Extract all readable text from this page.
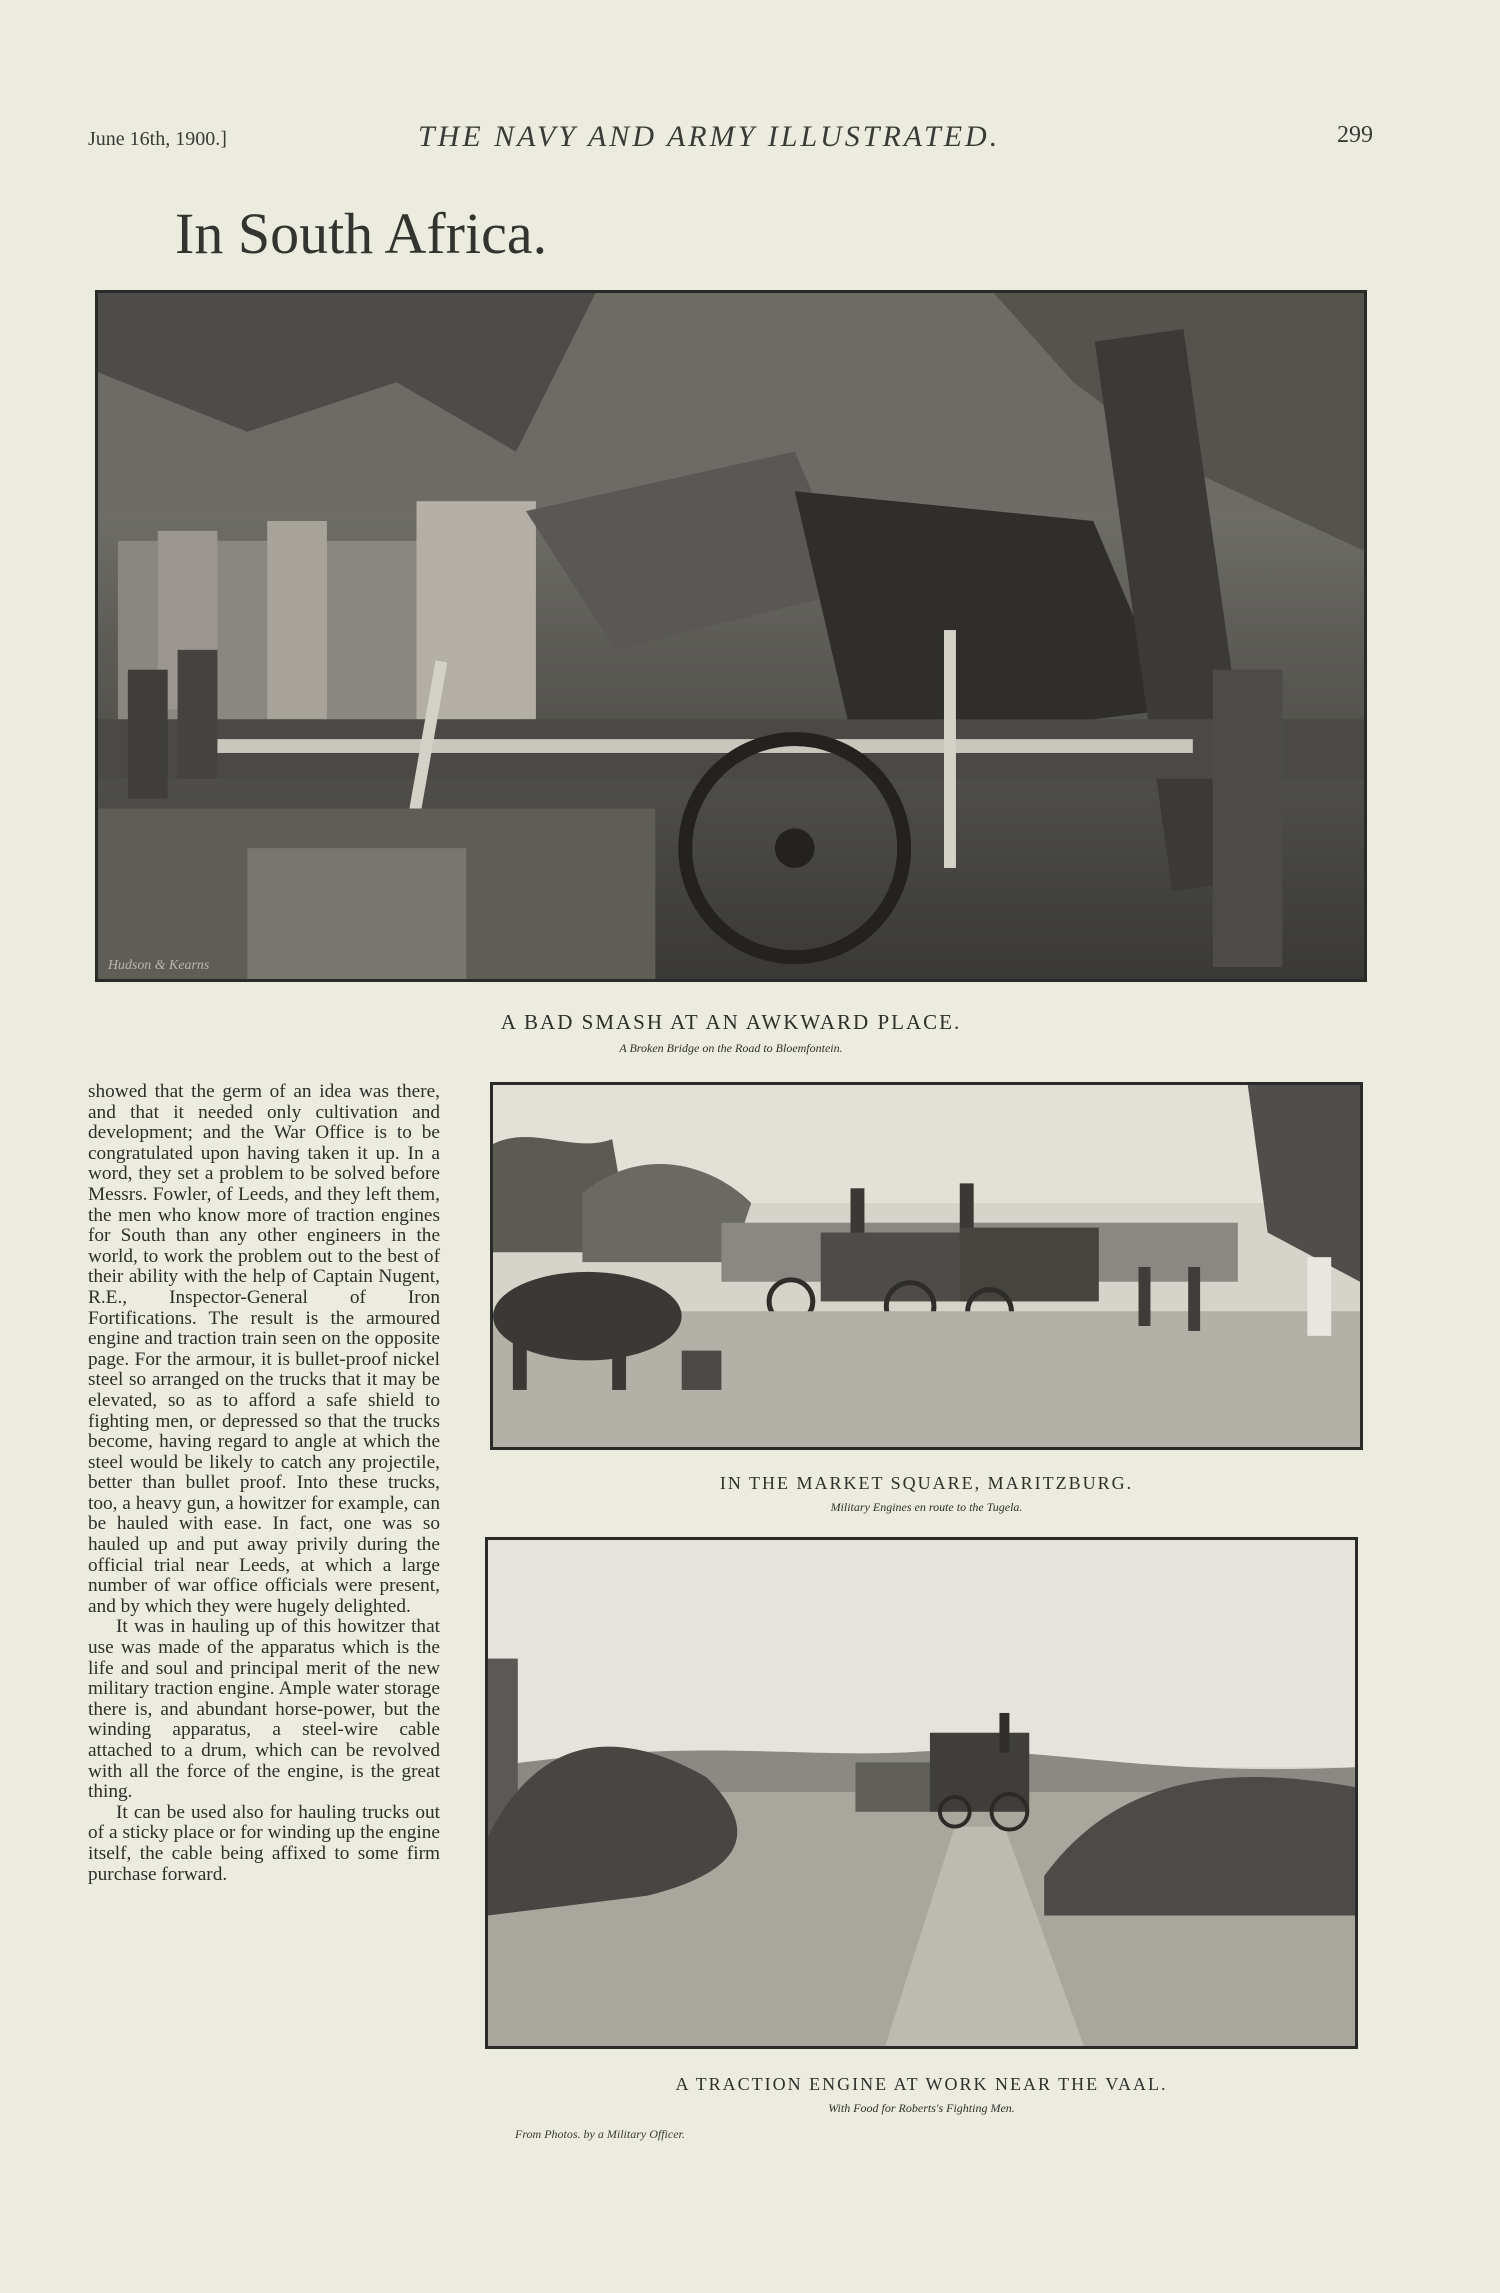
June 16th, 1900.]	THE NAVY AND ARMY ILLUSTRATED.	299
In South Africa.
Hudson & Kearns
A BAD SMASH AT AN AWKWARD PLACE.
A Broken Bridge on the Road to Bloemfontein.
IN THE MARKET SQUARE, MARITZBURG.
Military Engines en route to the Tugela.
A TRACTION ENGINE AT WORK NEAR THE VAAL.
With Food for Roberts's Fighting Men.

showed that the germ of an idea was there, and that it needed only cultivation and development; and the War Office is to be congratulated upon having taken it up. In a word, they set a problem to be solved before Messrs. Fowler, of Leeds, and they left them, the men who know more of traction engines for South than any other engineers in the world, to work the problem out to the best of their ability with the help of Captain Nugent, R.E., Inspector-General of Iron Fortifications. The result is the armoured engine and traction train seen on the opposite page. For the armour, it is bullet-proof nickel steel so arranged on the trucks that it may be elevated, so as to afford a safe shield to fighting men, or depressed so that the trucks become, having regard to angle at which the steel would be likely to catch any projectile, better than bullet proof. Into these trucks, too, a heavy gun, a howitzer for example, can be hauled with ease. In fact, one was so hauled up and put away privily during the official trial near Leeds, at which a large number of war office officials were present, and by which they were hugely delighted.

It was in hauling up of this howitzer that use was made of the apparatus which is the life and soul and principal merit of the new military traction engine. Ample water storage there is, and abundant horse-power, but the winding apparatus, a steel-wire cable attached to a drum, which can be revolved with all the force of the engine, is the great thing.

It can be used also for hauling trucks out of a sticky place or for winding up the engine itself, the cable being affixed to some firm purchase forward.

From Photos. by a Military Officer.
